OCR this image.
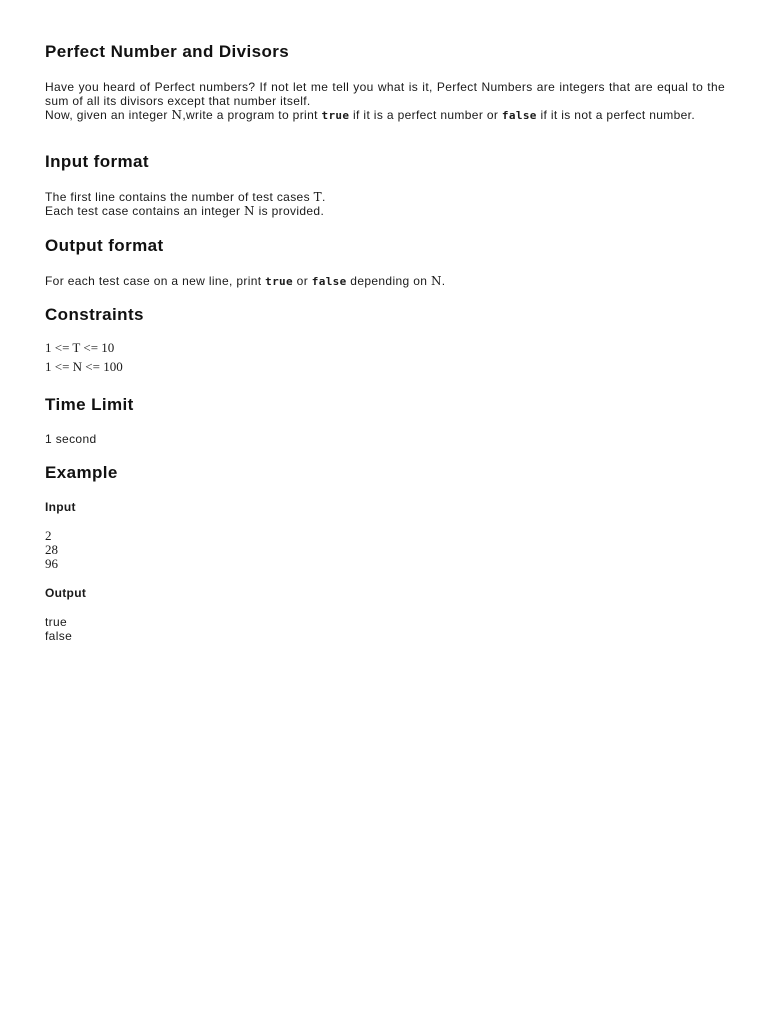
Perfect Number and Divisors

Have you heard of Perfect numbers? If not let me tell you what is it, Perfect Numbers are integers that are equal to the sum of all its divisors except that number itself.
Now, given an integer N,write a program to print true if it is a perfect number or false if it is not a perfect number.

Input format

The first line contains the number of test cases T.

Each test case contains an integer N is provided.

Output format

For each test case on a new line, print true or false depending on N.

Constraints
1 <= T <= 10
1 <= N <= 100
Time Limit

1 second

Example
Input
2
28
96
Output

true

false
